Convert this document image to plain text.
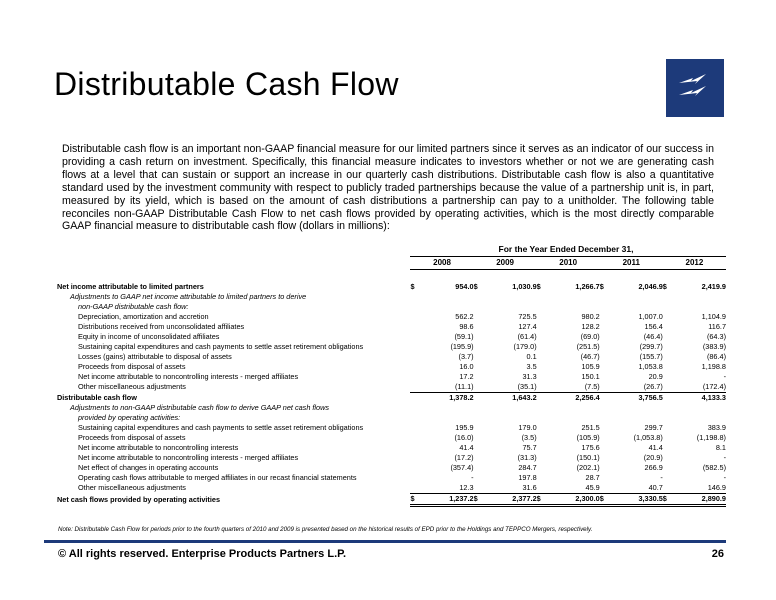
Distributable Cash Flow

Distributable cash flow is an important non-GAAP financial measure for our limited partners since it serves as an indicator of our success in providing a cash return on investment. Specifically, this financial measure indicates to investors whether or not we are generating cash flows at a level that can sustain or support an increase in our quarterly cash distributions. Distributable cash flow is also a quantitative standard used by the investment community with respect to publicly traded partnerships because the value of a partnership unit is, in part, measured by its yield, which is based on the amount of cash distributions a partnership can pay to a unitholder. The following table reconciles non-GAAP Distributable Cash Flow to net cash flows provided by operating activities, which is the most directly comparable GAAP financial measure to distributable cash flow (dollars in millions):

For the Year Ended December 31,
	2008		2009		2010		2011		2012	

Net income attributable to limited partners	$	954.0	$	1,030.9	$	1,266.7	$	2,046.9	$	2,419.9
Adjustments to GAAP net income attributable to limited partners to derive										
non-GAAP distributable cash flow:										
Depreciation, amortization and accretion		562.2		725.5		980.2		1,007.0		1,104.9
Distributions received from unconsolidated affiliates		98.6		127.4		128.2		156.4		116.7
Equity in income of unconsolidated affiliates		(59.1)		(61.4)		(69.0)		(46.4)		(64.3)
Sustaining capital expenditures and cash payments to settle asset retirement obligations		(195.9)		(179.0)		(251.5)		(299.7)		(383.9)
Losses (gains) attributable to disposal of assets		(3.7)		0.1		(46.7)		(155.7)		(86.4)
Proceeds from disposal of assets		16.0		3.5		105.9		1,053.8		1,198.8
Net income attributable to noncontrolling interests - merged affiliates		17.2		31.3		150.1		20.9		-
Other miscellaneous adjustments		(11.1)		(35.1)		(7.5)		(26.7)		(172.4)
Distributable cash flow		1,378.2		1,643.2		2,256.4		3,756.5		4,133.3
Adjustments to non-GAAP distributable cash flow to derive GAAP net cash flows										
provided by operating activities:										
Sustaining capital expenditures and cash payments to settle asset retirement obligations		195.9		179.0		251.5		299.7		383.9
Proceeds from disposal of assets		(16.0)		(3.5)		(105.9)		(1,053.8)		(1,198.8)
Net income attributable to noncontrolling interests		41.4		75.7		175.6		41.4		8.1
Net income attributable to noncontrolling interests - merged affiliates		(17.2)		(31.3)		(150.1)		(20.9)		-
Net effect of changes in operating accounts		(357.4)		284.7		(202.1)		266.9		(582.5)
Operating cash flows attributable to merged affiliates in our recast financial statements		-		197.8		28.7		-		-
Other miscellaneous adjustments		12.3		31.6		45.9		40.7		146.9
Net cash flows provided by operating activities	$	1,237.2	$	2,377.2	$	2,300.0	$	3,330.5	$	2,890.9
Note: Distributable Cash Flow for periods prior to the fourth quarters of 2010 and 2009 is presented based on the historical results of EPD prior to the Holdings and TEPPCO Mergers, respectively.
© All rights reserved. Enterprise Products Partners L.P.	26
